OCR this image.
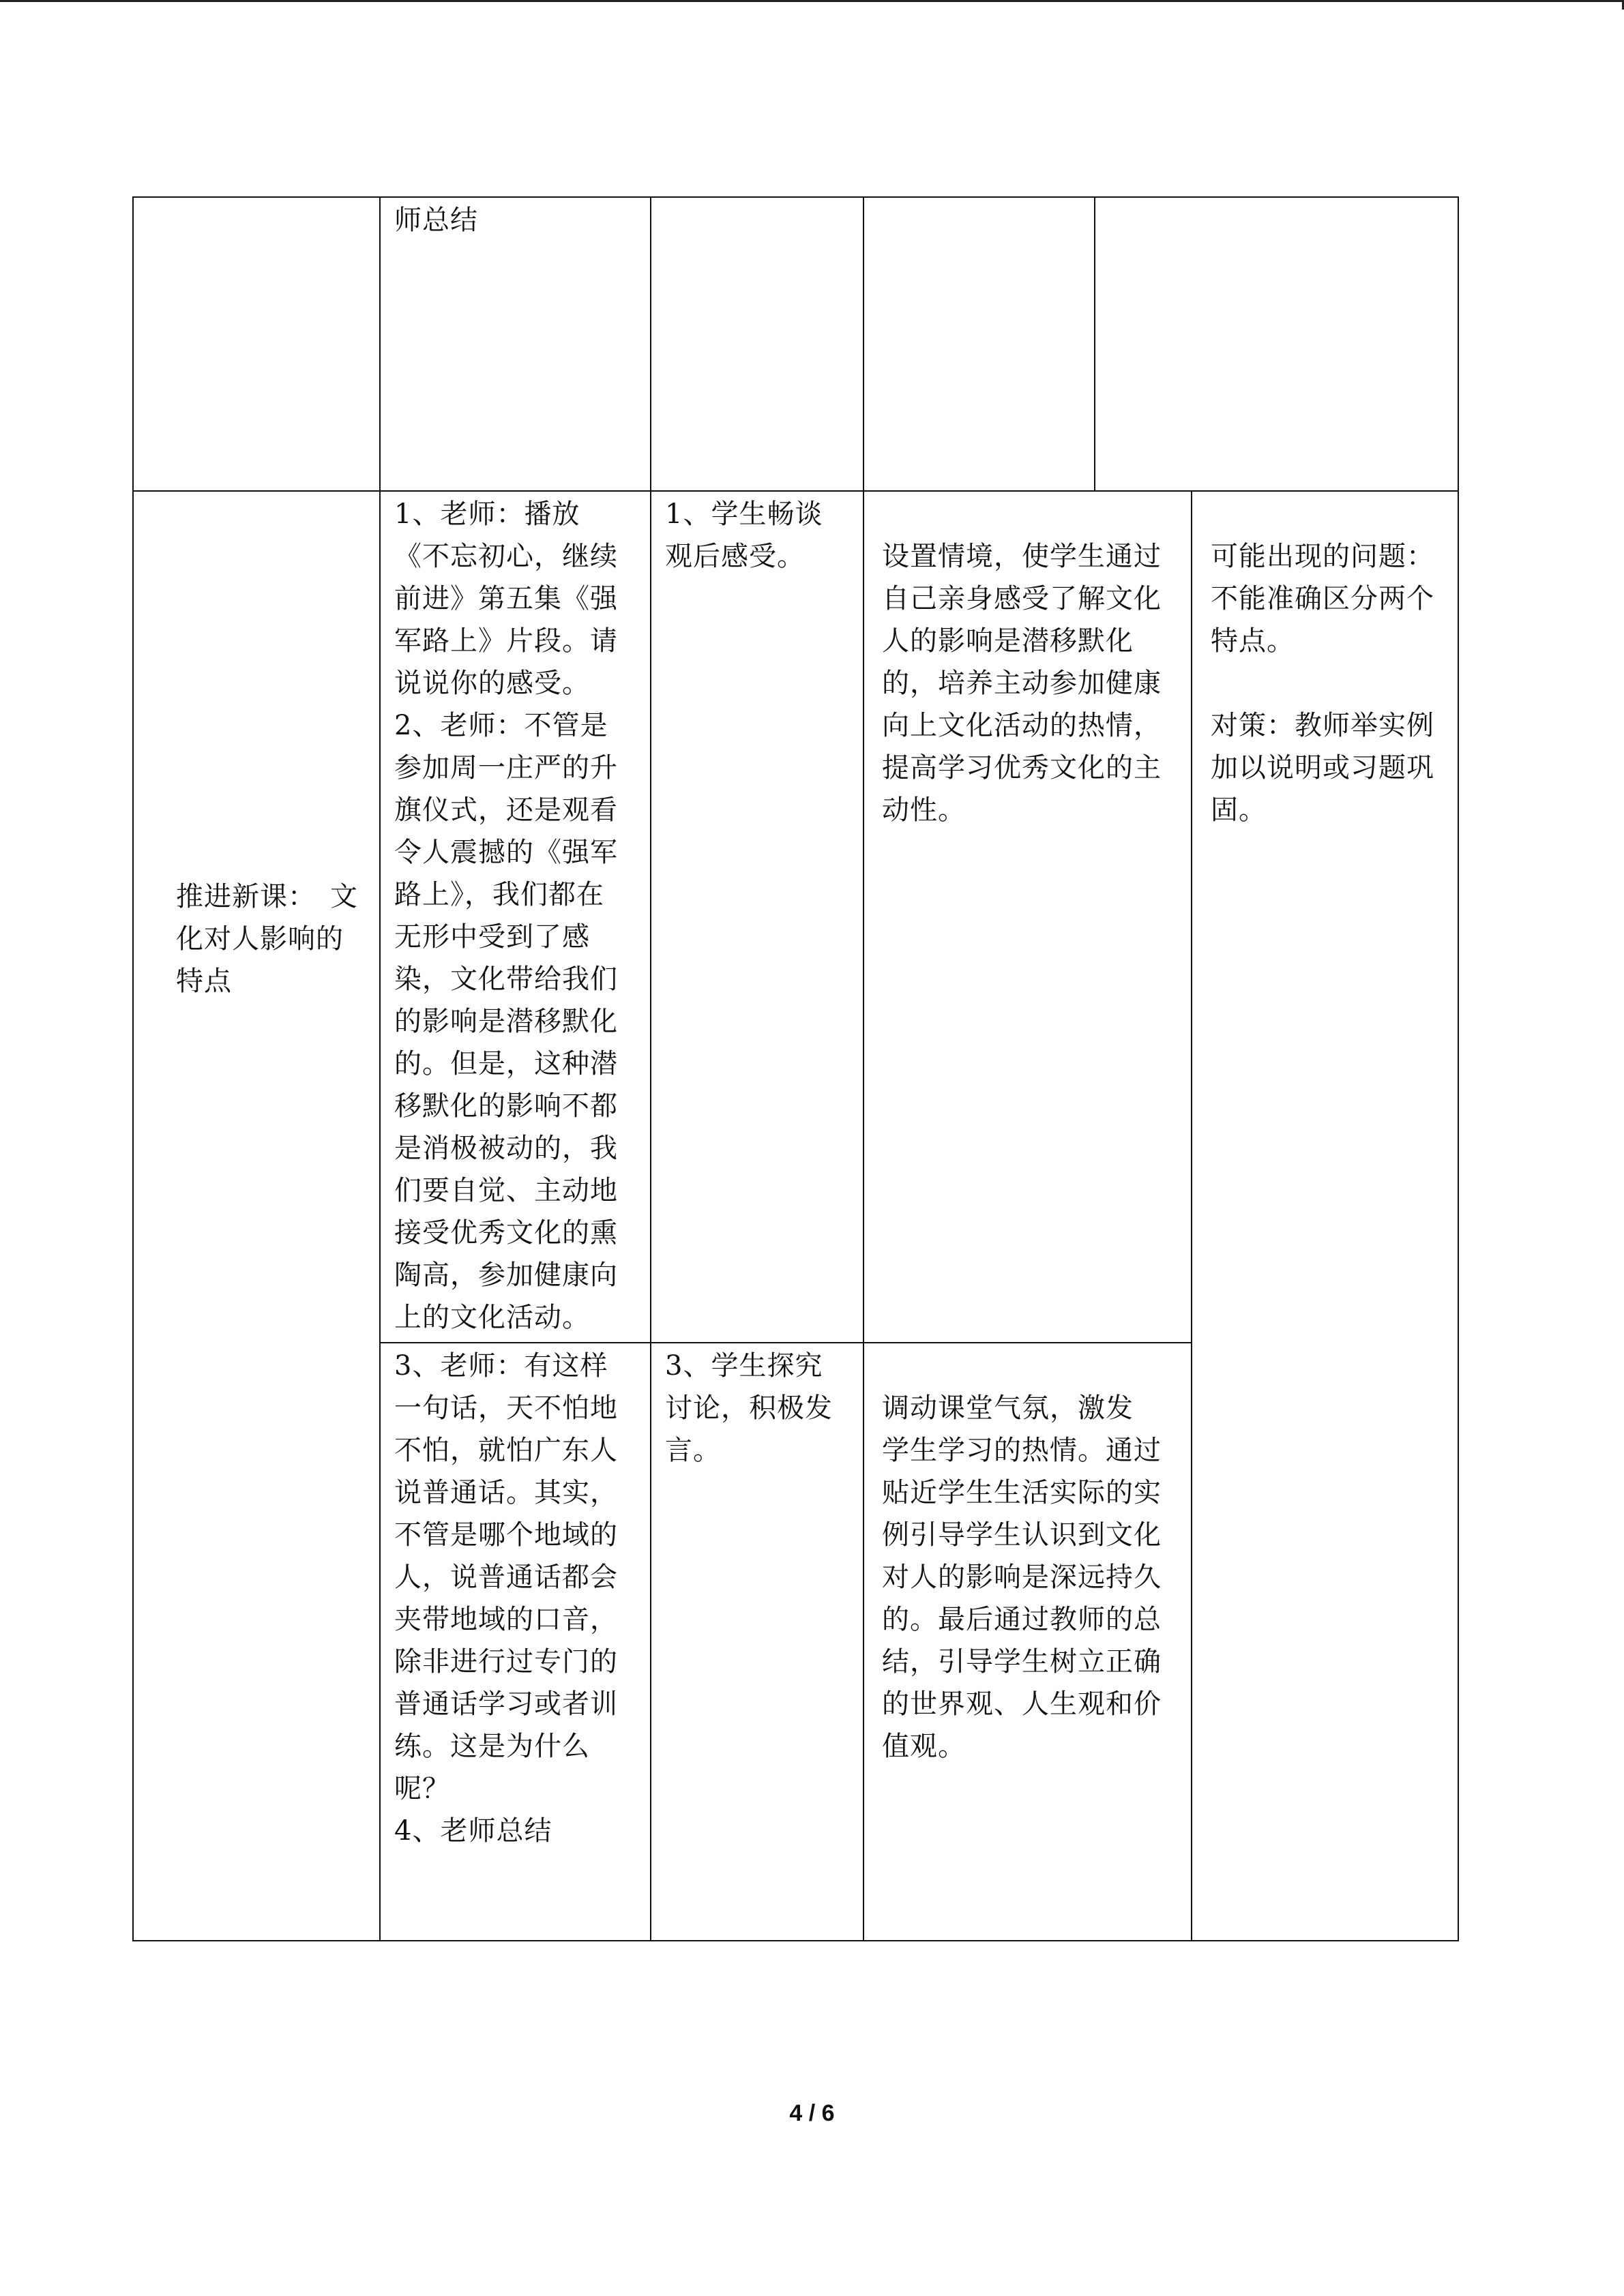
师总结
推进新课：　文
化对人影响的
特点
1、老师：播放
《不忘初心，继续
前进》第五集《强
军路上》片段。请
说说你的感受。
2、老师：不管是
参加周一庄严的升
旗仪式，还是观看
令人震撼的《强军
路上》，我们都在
无形中受到了感
染，文化带给我们
的影响是潜移默化
的。但是，这种潜
移默化的影响不都
是消极被动的，我
们要自觉、主动地
接受优秀文化的熏
陶高，参加健康向
上的文化活动。
1、学生畅谈
观后感受。	设置情境，使学生通过
自己亲身感受了解文化
人的影响是潜移默化
的，培养主动参加健康
向上文化活动的热情，
提高学习优秀文化的主
动性。
可能出现的问题：
不能准确区分两个
特点。

对策：教师举实例
加以说明或习题巩
固。
3、老师：有这样
一句话，天不怕地
不怕，就怕广东人
说普通话。其实，
不管是哪个地域的
人，说普通话都会
夹带地域的口音，
除非进行过专门的
普通话学习或者训
练。这是为什么
呢？
4、老师总结
3、学生探究
讨论，积极发
言。
调动课堂气氛，激发
学生学习的热情。通过
贴近学生生活实际的实
例引导学生认识到文化
对人的影响是深远持久
的。最后通过教师的总
结，引导学生树立正确
的世界观、人生观和价
值观。
4 / 6
